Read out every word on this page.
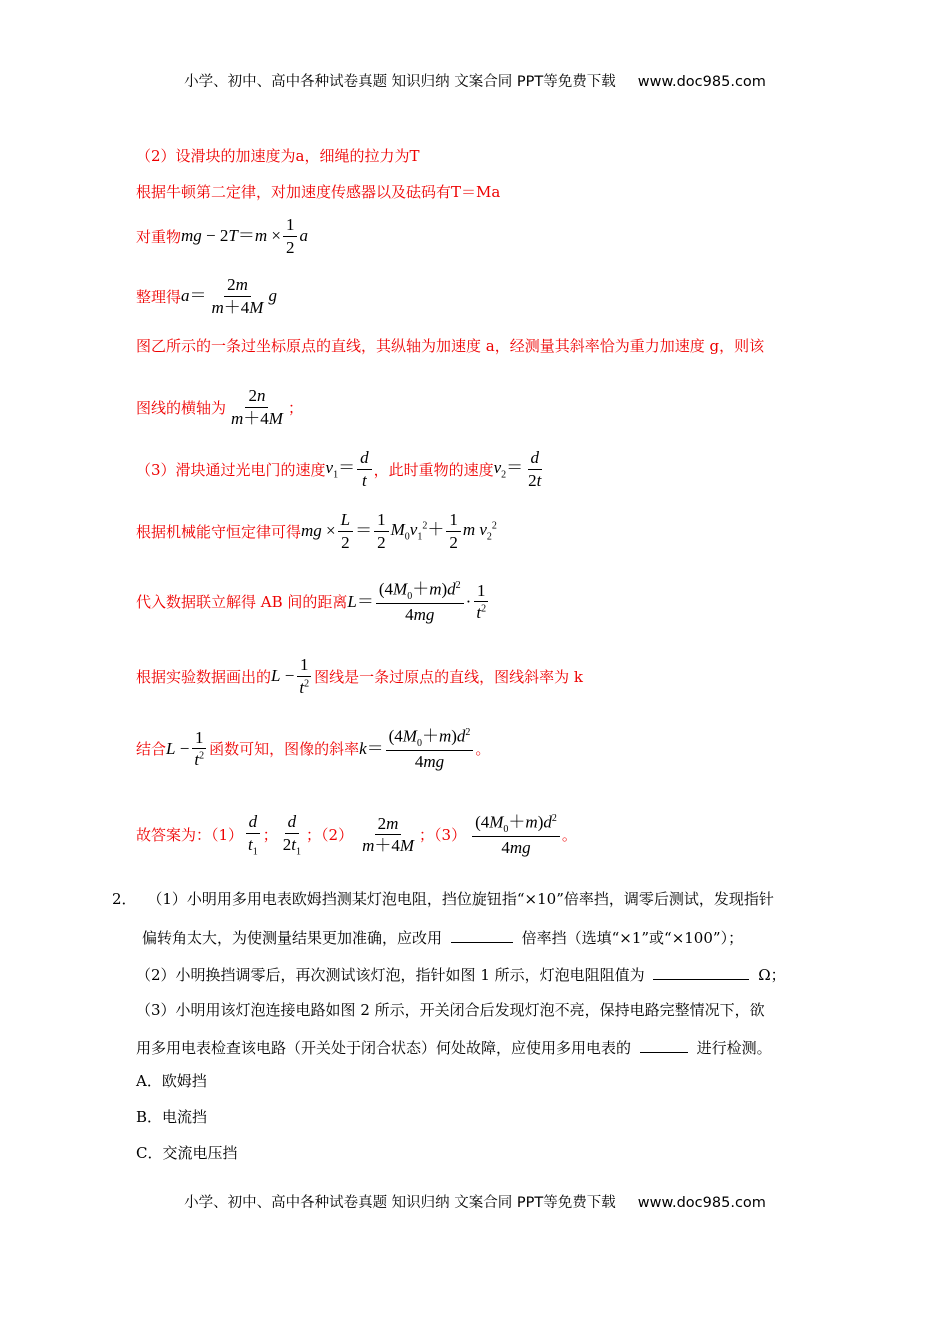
小学、初中、高中各种试卷真题 知识归纳 文案合同 PPT等免费下载 www.doc985.com
（2）设滑块的加速度为a，细绳的拉力为T
根据牛顿第二定律，对加速度传感器以及砝码有T＝Ma
对重物 mg − $2T=m \times \frac{1}{2}$ a
整理得 $a= \frac{2m}{m+4M}$ g
图乙所示的一条过坐标原点的直线，其纵轴为加速度 a，经测量其斜率恰为重力加速度 g，则该
图线的横轴为 $\frac{2n}{m+4M}$ ；
（3）滑块通过光电门的速度 $v_1= \frac{d}{t}$ ，此时重物的速度 $v_2= \frac{d}{2t}$
根据机械能守恒定律可得 mg × $\frac{L}{2} = \frac{1}{2} M_0v_1^2+ \frac{1}{2}$ m $v_2^2$
代入数据联立解得 AB 间的距离 $L= \frac{(4M_0+m)d^2}{4mg} \cdot \frac{1}{t^2}$
根据实验数据画出的 $L - \frac{1}{t^2}$ 图线是一条过原点的直线，图线斜率为 k
结合 $L - \frac{1}{t^2}$ 函数可知，图像的斜率 $k= \frac{(4M_0+m)d^2}{4mg}$ 。
故答案为：$(1) \frac{d}{t_1}$ ； $\frac{d}{2t_1}$ ；$(2) \frac{2m}{m+4M}$ ；$(3) \frac{(4M_0+m)d^2}{4mg}$ 。
2． （1）小明用多用电表欧姆挡测某灯泡电阻，挡位旋钮指“×10”倍率挡，调零后测试，发现指针
偏转角太大，为使测量结果更加准确，应改用	倍率挡（选填“×1”或“×100”）；
（2）小明换挡调零后，再次测试该灯泡，指针如图 1 所示，灯泡电阻阻值为	Ω；
（3）小明用该灯泡连接电路如图 2 所示，开关闭合后发现灯泡不亮，保持电路完整情况下，欲
用多用电表检查该电路（开关处于闭合状态）何处故障，应使用多用电表的	进行检测。
A．欧姆挡
B．电流挡
C．交流电压挡
小学、初中、高中各种试卷真题 知识归纳 文案合同 PPT等免费下载 www.doc985.com
